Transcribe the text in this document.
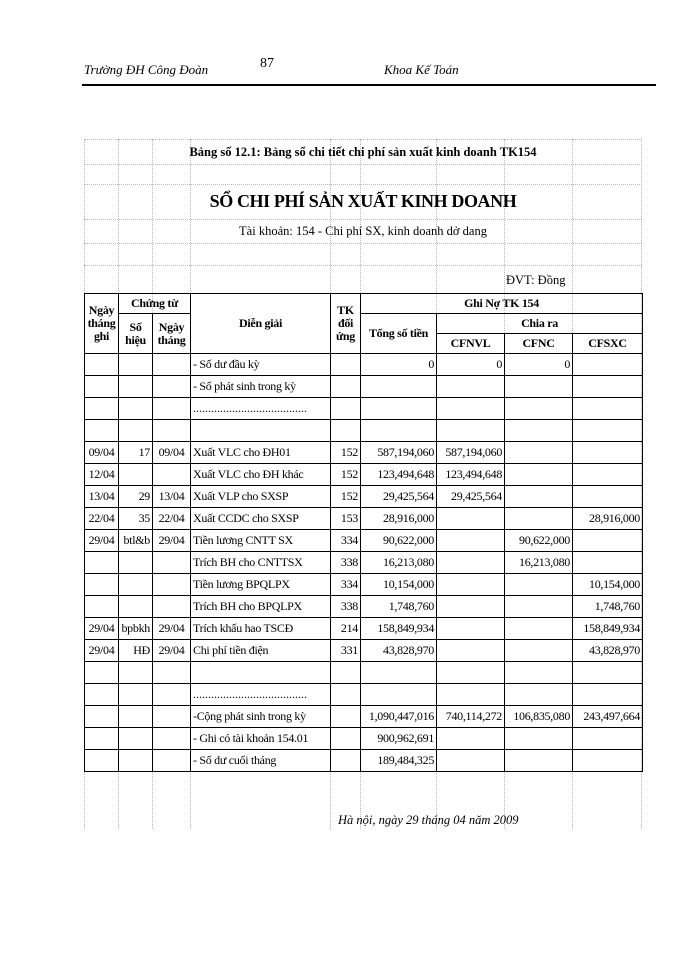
Trường ĐH Công Đoàn	87	Khoa Kế Toán
Bảng số 12.1: Bảng sổ chi tiết chi phí sản xuất kinh doanh TK154
SỔ CHI PHÍ SẢN XUẤT KINH DOANH
Tài khoản: 154 - Chi phí SX, kinh doanh dở dang
ĐVT: Đồng
Ngày
tháng
ghi	Chứng từ		Diễn giải	TK
đối
ứng	Ghi Nợ TK 154			
	Số
hiệu	Ngày
tháng			Tổng số tiền	Chia ra		
						CFNVL	CFNC	CFSXC
			- Số dư đầu kỳ		0	0	0	
			- Số phát sinh trong kỳ					
			......................................					

09/04	17	09/04	Xuất VLC cho ĐH01	152	587,194,060	587,194,060		
12/04			Xuất VLC cho ĐH khác	152	123,494,648	123,494,648		
13/04	29	13/04	Xuất VLP cho SXSP	152	29,425,564	29,425,564		
22/04	35	22/04	Xuất CCDC cho SXSP	153	28,916,000			28,916,000
29/04	btl&b	29/04	Tiền lương CNTT SX	334	90,622,000		90,622,000	
			Trích BH cho CNTTSX	338	16,213,080		16,213,080	
			Tiền lương BPQLPX	334	10,154,000			10,154,000
			Trích BH cho BPQLPX	338	1,748,760			1,748,760
29/04	bpbkh	29/04	Trích khấu hao TSCĐ	214	158,849,934			158,849,934
29/04	HĐ	29/04	Chi phí tiền điện	331	43,828,970			43,828,970

			......................................					
			-Cộng phát sinh trong kỳ		1,090,447,016	740,114,272	106,835,080	243,497,664
			- Ghi có tài khoản 154.01		900,962,691			
			- Số dư cuối tháng		189,484,325			
Hà nội, ngày 29 tháng 04 năm 2009
